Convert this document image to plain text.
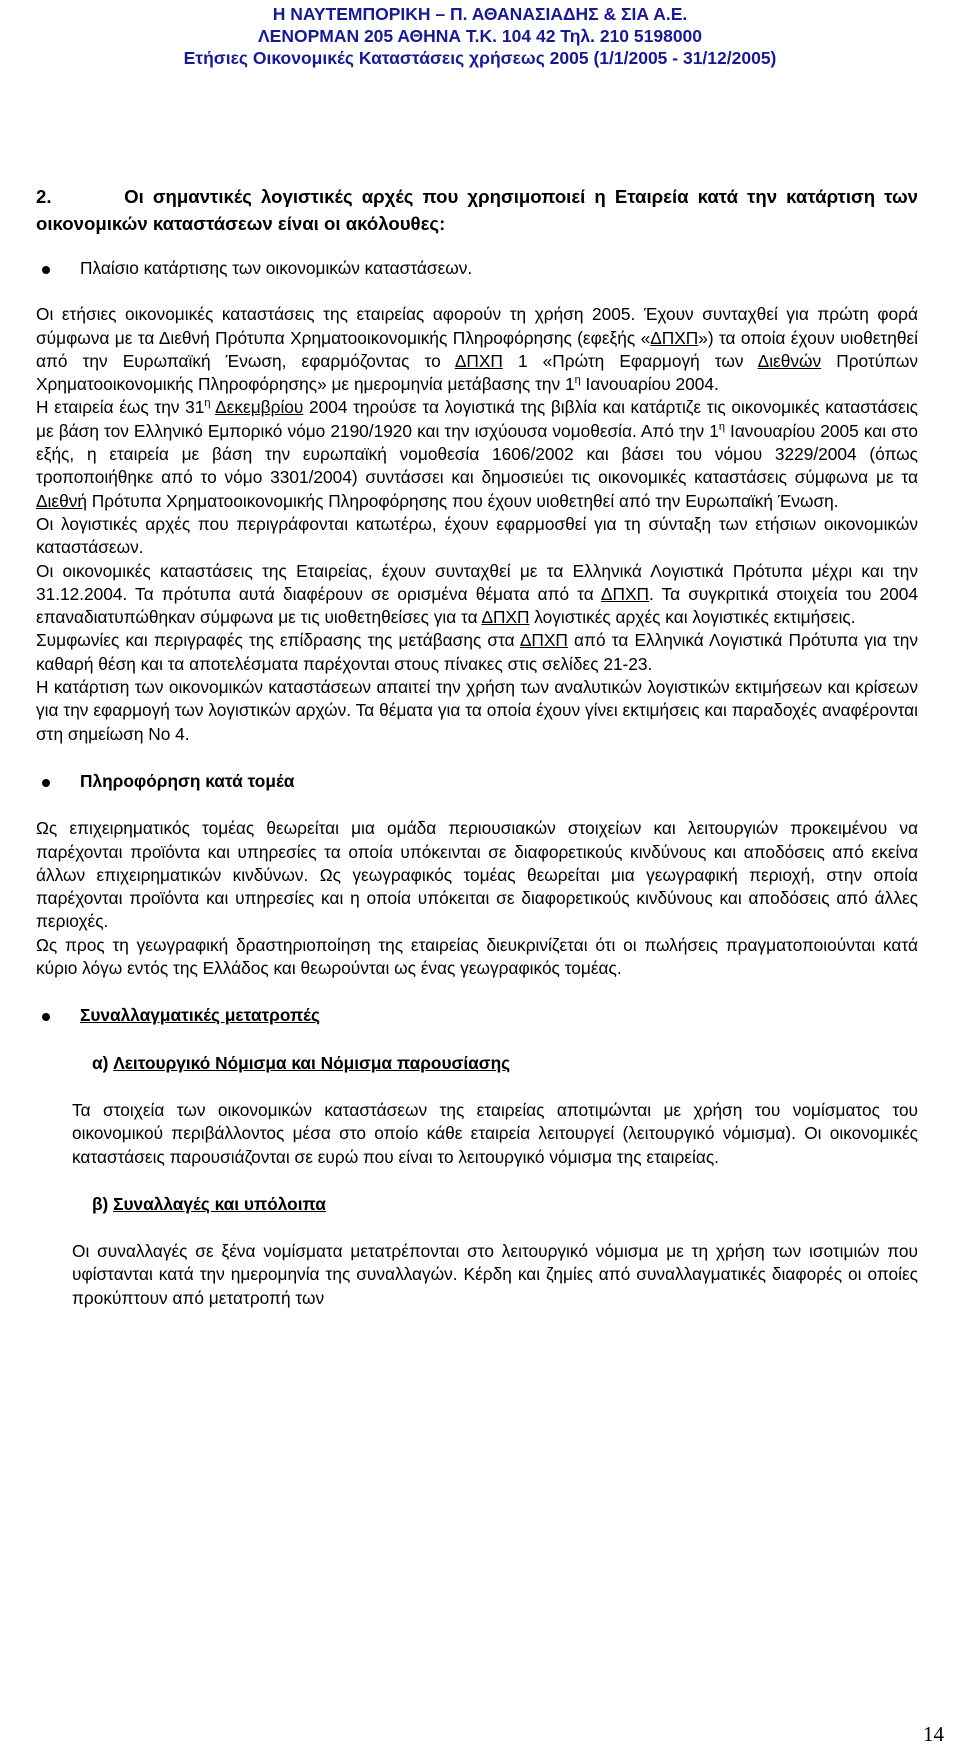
Η ΝΑΥΤΕΜΠΟΡΙΚΗ – Π. ΑΘΑΝΑΣΙΑΔΗΣ & ΣΙΑ Α.Ε.
ΛΕΝΟΡΜΑΝ 205 ΑΘΗΝΑ Τ.Κ. 104 42 Τηλ. 210 5198000
Ετήσιες Οικονομικές Καταστάσεις χρήσεως 2005 (1/1/2005 - 31/12/2005)

2.        Οι σημαντικές λογιστικές αρχές που χρησιμοποιεί η Εταιρεία κατά την κατάρτιση των οικονομικών καταστάσεων είναι οι ακόλουθες:

Πλαίσιο κατάρτισης των οικονομικών καταστάσεων.

Οι ετήσιες οικονομικές καταστάσεις της εταιρείας αφορούν τη χρήση 2005. Έχουν συνταχθεί για πρώτη φορά σύμφωνα με τα Διεθνή Πρότυπα Χρηματοοικονομικής Πληροφόρησης (εφεξής «ΔΠΧΠ») τα οποία έχουν υιοθετηθεί από την Ευρωπαϊκή Ένωση, εφαρμόζοντας το ΔΠΧΠ 1 «Πρώτη Εφαρμογή των Διεθνών Προτύπων Χρηματοοικονομικής Πληροφόρησης» με ημερομηνία μετάβασης την $1^\eta$ Ιανουαρίου 2004.

Η εταιρεία έως την $31^\eta$ Δεκεμβρίου 2004 τηρούσε τα λογιστικά της βιβλία και κατάρτιζε τις οικονομικές καταστάσεις με βάση τον Ελληνικό Εμπορικό νόμο 2190/1920 και την ισχύουσα νομοθεσία. Από την $1^\eta$ Ιανουαρίου 2005 και στο εξής, η εταιρεία με βάση την ευρωπαϊκή νομοθεσία 1606/2002 και βάσει του νόμου 3229/2004 (όπως τροποποιήθηκε από το νόμο 3301/2004) συντάσσει και δημοσιεύει τις οικονομικές καταστάσεις σύμφωνα με τα Διεθνή Πρότυπα Χρηματοοικονομικής Πληροφόρησης που έχουν υιοθετηθεί από την Ευρωπαϊκή Ένωση.

Οι λογιστικές αρχές που περιγράφονται κατωτέρω, έχουν εφαρμοσθεί για τη σύνταξη των ετήσιων οικονομικών καταστάσεων.

Οι οικονομικές καταστάσεις της Εταιρείας, έχουν συνταχθεί με τα Ελληνικά Λογιστικά Πρότυπα μέχρι και την 31.12.2004. Τα πρότυπα αυτά διαφέρουν σε ορισμένα θέματα από τα ΔΠΧΠ. Τα συγκριτικά στοιχεία του 2004 επαναδιατυπώθηκαν σύμφωνα με τις υιοθετηθείσες για τα ΔΠΧΠ λογιστικές αρχές και λογιστικές εκτιμήσεις.

Συμφωνίες και περιγραφές της επίδρασης της μετάβασης στα ΔΠΧΠ από τα Ελληνικά Λογιστικά Πρότυπα για την καθαρή θέση και τα αποτελέσματα παρέχονται στους πίνακες στις σελίδες 21-23.

Η κατάρτιση των οικονομικών καταστάσεων απαιτεί την χρήση των αναλυτικών λογιστικών εκτιμήσεων και κρίσεων για την εφαρμογή των λογιστικών αρχών. Τα θέματα για τα οποία έχουν γίνει εκτιμήσεις και παραδοχές αναφέρονται στη σημείωση Νο 4.

Πληροφόρηση κατά τομέα

Ως επιχειρηματικός τομέας θεωρείται μια ομάδα περιουσιακών στοιχείων και λειτουργιών προκειμένου να παρέχονται προϊόντα και υπηρεσίες τα οποία υπόκεινται σε διαφορετικούς κινδύνους και αποδόσεις από εκείνα άλλων επιχειρηματικών κινδύνων. Ως γεωγραφικός τομέας θεωρείται μια γεωγραφική περιοχή, στην οποία παρέχονται προϊόντα και υπηρεσίες και η οποία υπόκειται σε διαφορετικούς κινδύνους και αποδόσεις από άλλες περιοχές.

Ως προς τη γεωγραφική δραστηριοποίηση της εταιρείας διευκρινίζεται ότι οι πωλήσεις πραγματοποιούνται κατά κύριο λόγω εντός της Ελλάδος και θεωρούνται ως ένας γεωγραφικός τομέας.

Συναλλαγματικές μετατροπές

α) Λειτουργικό Νόμισμα και Νόμισμα παρουσίασης

Τα στοιχεία των οικονομικών καταστάσεων της εταιρείας αποτιμώνται με χρήση του νομίσματος του οικονομικού περιβάλλοντος μέσα στο οποίο κάθε εταιρεία λειτουργεί (λειτουργικό νόμισμα). Οι οικονομικές καταστάσεις παρουσιάζονται σε ευρώ που είναι το λειτουργικό νόμισμα της εταιρείας.

β) Συναλλαγές και υπόλοιπα

Οι συναλλαγές σε ξένα νομίσματα μετατρέπονται στο λειτουργικό νόμισμα με τη χρήση των ισοτιμιών που υφίστανται κατά την ημερομηνία της συναλλαγών. Κέρδη και ζημίες από συναλλαγματικές διαφορές οι οποίες προκύπτουν από μετατροπή των

14
